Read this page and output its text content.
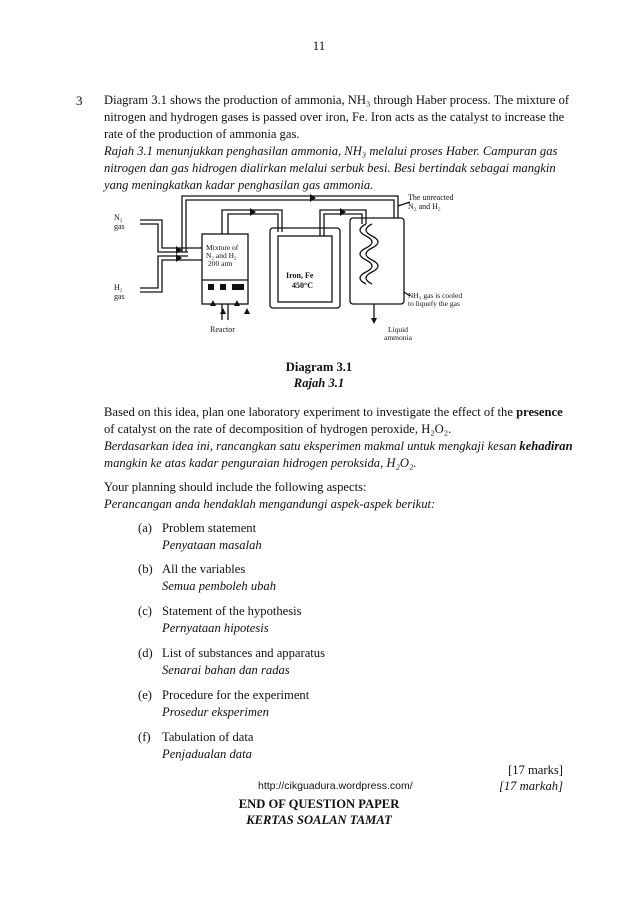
11
3 Diagram 3.1 shows the production of ammonia, NH₃ through Haber process. The mixture of nitrogen and hydrogen gases is passed over iron, Fe. Iron acts as the catalyst to increase the rate of the production of ammonia gas.
Rajah 3.1 menunjukkan penghasilan ammonia, NH₃ melalui proses Haber. Campuran gas nitrogen dan gas hidrogen dialirkan melalui serbuk besi. Besi bertindak sebagai mangkin yang meningkatkan kadar penghasilan gas ammonia.
N₂ gas
H₂ gas
Mixture of N₂ and H₂ 200 atm
Reactor
Iron, Fe 450°C
The unreacted N₂ and H₂
NH₃ gas is cooled to liquefy the gas
Liquid ammonia
Diagram 3.1
Rajah 3.1
Based on this idea, plan one laboratory experiment to investigate the effect of the presence of catalyst on the rate of decomposition of hydrogen peroxide, H₂O₂.
Berdasarkan idea ini, rancangkan satu eksperimen makmal untuk mengkaji kesan kehadiran mangkin ke atas kadar penguraian hidrogen peroksida, H₂O₂.
Your planning should include the following aspects:
Perancangan anda hendaklah mengandungi aspek-aspek berikut:
(a) Problem statement
Penyataan masalah
(b) All the variables
Semua pemboleh ubah
(c) Statement of the hypothesis
Pernyataan hipotesis
(d) List of substances and apparatus
Senarai bahan dan radas
(e) Procedure for the experiment
Prosedur eksperimen
(f) Tabulation of data
Penjadualan data
[17 marks]
[17 markah]
http://cikguadura.wordpress.com/
END OF QUESTION PAPER
KERTAS SOALAN TAMAT
